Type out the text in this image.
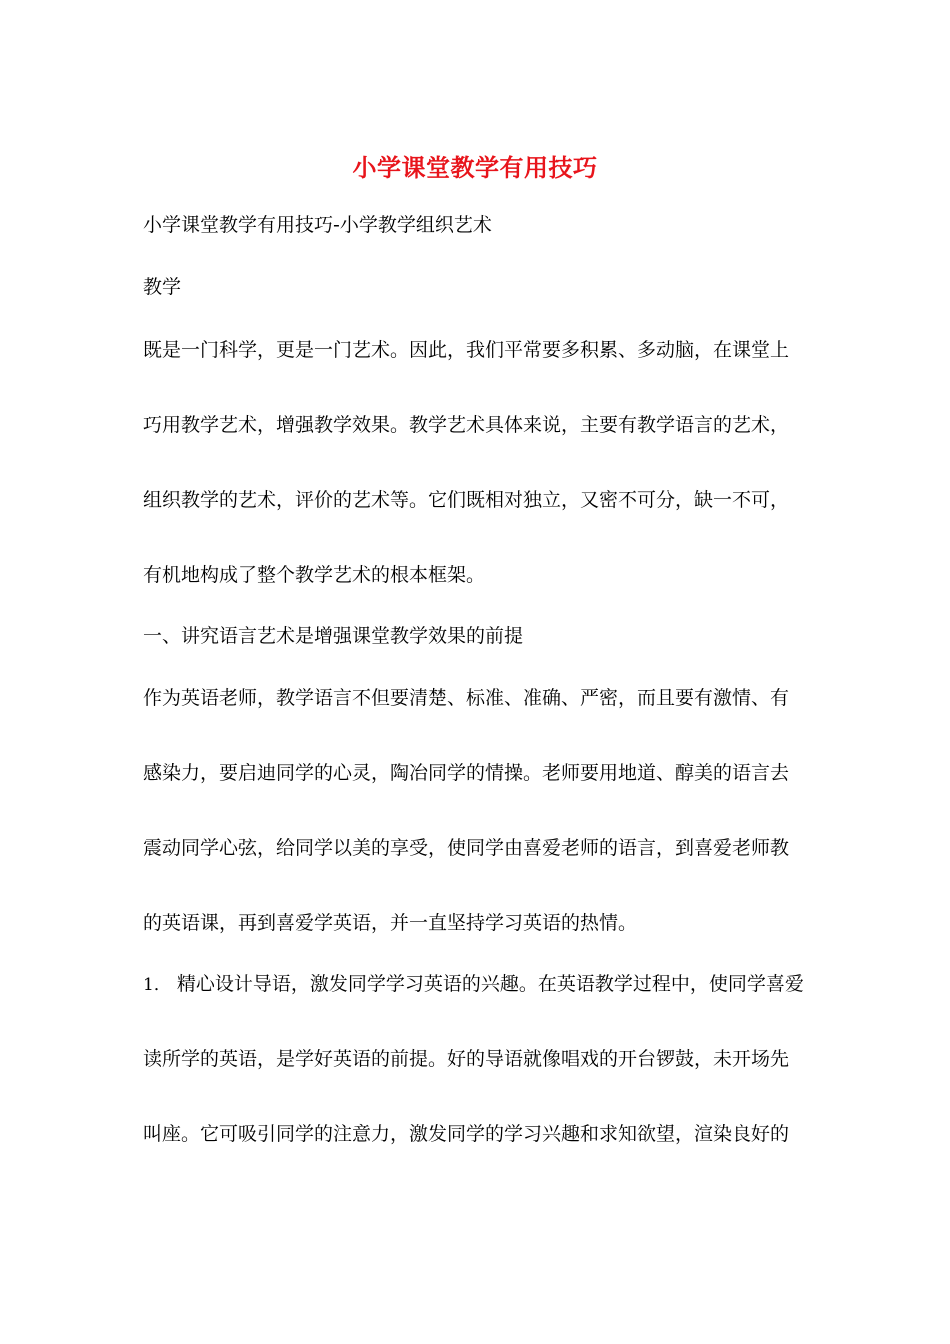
小学课堂教学有用技巧
小学课堂教学有用技巧-小学教学组织艺术
教学
既是一门科学，更是一门艺术。因此，我们平常要多积累、多动脑，在课堂上
巧用教学艺术，增强教学效果。教学艺术具体来说，主要有教学语言的艺术，
组织教学的艺术，评价的艺术等。它们既相对独立，又密不可分，缺一不可，
有机地构成了整个教学艺术的根本框架。
一、讲究语言艺术是增强课堂教学效果的前提
作为英语老师，教学语言不但要清楚、标准、准确、严密，而且要有激情、有
感染力，要启迪同学的心灵，陶冶同学的情操。老师要用地道、醇美的语言去
震动同学心弦，给同学以美的享受，使同学由喜爱老师的语言，到喜爱老师教
的英语课，再到喜爱学英语，并一直坚持学习英语的热情。
1． 精心设计导语，激发同学学习英语的兴趣。在英语教学过程中，使同学喜爱
读所学的英语，是学好英语的前提。好的导语就像唱戏的开台锣鼓，未开场先
叫座。它可吸引同学的注意力，激发同学的学习兴趣和求知欲望，渲染良好的
